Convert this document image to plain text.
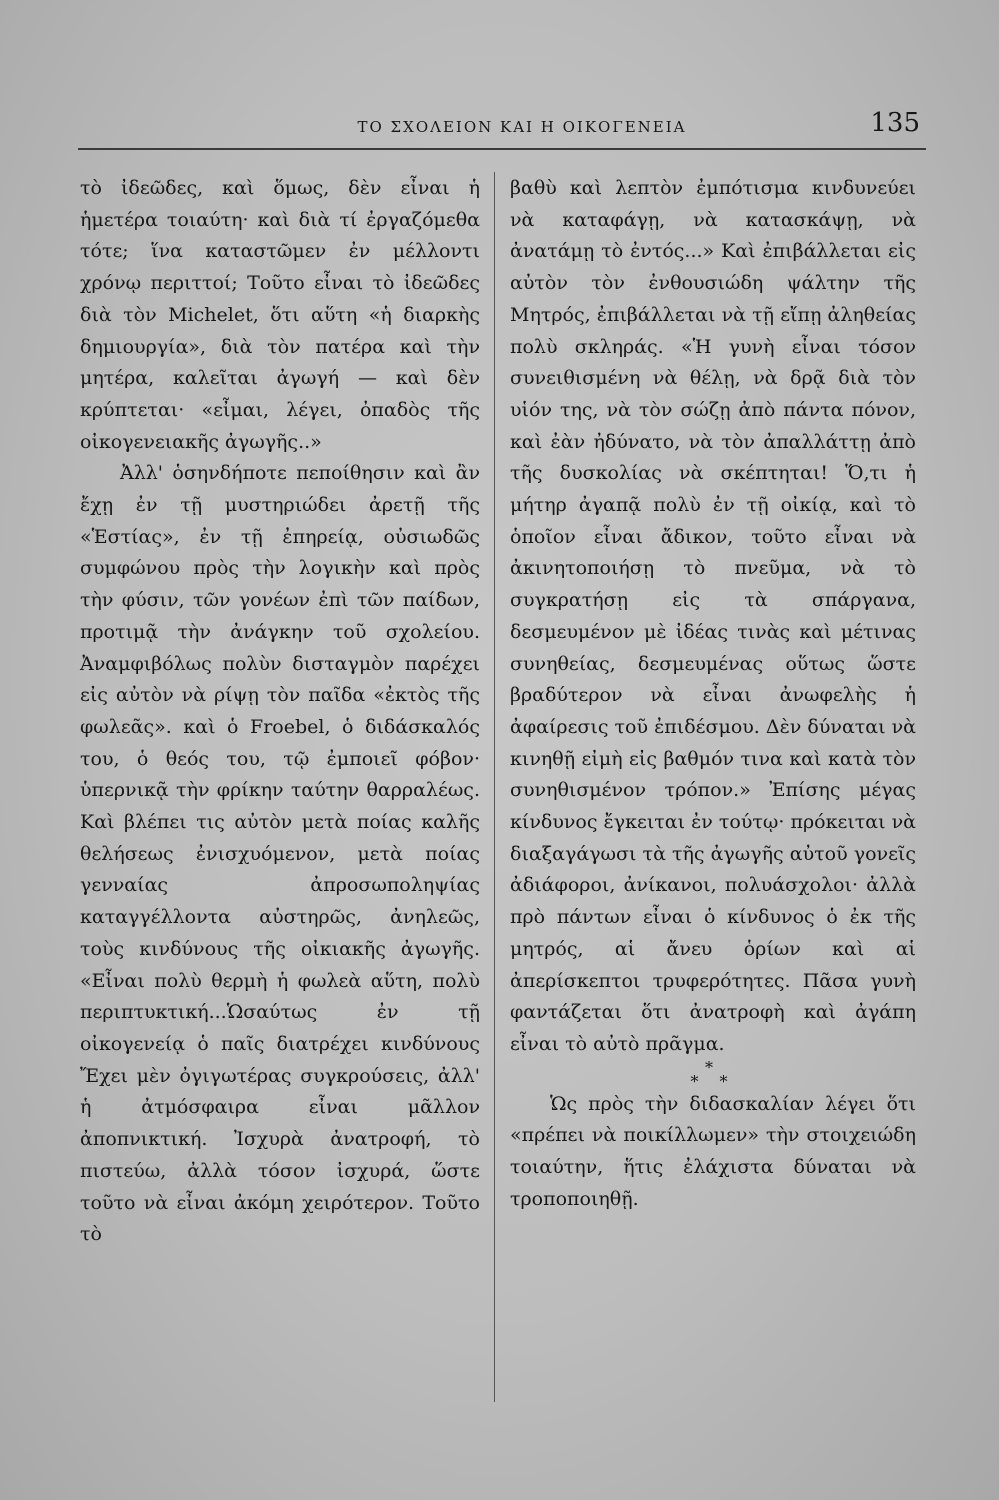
ΤΟ ΣΧΟΛΕΙΟΝ ΚΑΙ Η ΟΙΚΟΓΕΝΕΙΑ	135

τὸ ἰδεῶδες, καὶ ὅμως, δὲν εἶναι ἡ ἡμετέρα τοιαύτη· καὶ διὰ τί ἐργαζόμεθα τότε; ἵνα καταστῶμεν ἐν μέλλοντι χρόνῳ περιττοί; Τοῦτο εἶναι τὸ ἰδεῶδες διὰ τὸν Michelet, ὅτι αὕτη «ἡ διαρκὴς δημιουργία», διὰ τὸν πατέρα καὶ τὴν μητέρα, καλεῖται ἀγωγή — καὶ δὲν κρύπτεται· «εἶμαι, λέγει, ὀπαδὸς τῆς οἰκογενειακῆς ἀγωγῆς..»

Ἀλλ' ὁσηνδήποτε πεποίθησιν καὶ ἂν ἔχῃ ἐν τῇ μυστηριώδει ἀρετῇ τῆς «Ἑστίας», ἐν τῇ ἐπηρείᾳ, οὐσιωδῶς συμφώνου πρὸς τὴν λογικὴν καὶ πρὸς τὴν φύσιν, τῶν γονέων ἐπὶ τῶν παίδων, προτιμᾷ τὴν ἀνάγκην τοῦ σχολείου. Ἀναμφιβόλως πολὺν δισταγμὸν παρέχει εἰς αὐτὸν νὰ ρίψῃ τὸν παῖδα «ἐκτὸς τῆς φωλεᾶς». καὶ ὁ Froebel, ὁ διδάσκαλός του, ὁ θεός του, τῷ ἐμποιεῖ φόβον· ὑπερνικᾷ τὴν φρίκην ταύτην θαρραλέως. Καὶ βλέπει τις αὐτὸν μετὰ ποίας καλῆς θελήσεως ἐνισχυόμενον, μετὰ ποίας γενναίας ἀπροσωποληψίας καταγγέλλοντα αὐστηρῶς, ἀνηλεῶς, τοὺς κινδύνους τῆς οἰκιακῆς ἀγωγῆς. «Εἶναι πολὺ θερμὴ ἡ φωλεὰ αὕτη, πολὺ περιπτυκτική...Ὡσαύτως ἐν τῇ οἰκογενείᾳ ὁ παῖς διατρέχει κινδύνους Ἔχει μὲν ὀγιγωτέρας συγκρούσεις, ἀλλ' ἡ ἀτμόσφαιρα εἶναι μᾶλλον ἀποπνικτική. Ἰσχυρὰ ἀνατροφή, τὸ πιστεύω, ἀλλὰ τόσον ἰσχυρά, ὥστε τοῦτο νὰ εἶναι ἀκόμη χειρότερον. Τοῦτο τὸ

βαθὺ καὶ λεπτὸν ἐμπότισμα κινδυνεύει νὰ καταφάγῃ, νὰ κατασκάψῃ, νὰ ἀνατάμῃ τὸ ἐντός...» Καὶ ἐπιβάλλεται εἰς αὐτὸν τὸν ἐνθουσιώδη ψάλτην τῆς Μητρός, ἐπιβάλλεται νὰ τῇ εἴπῃ ἀληθείας πολὺ σκληράς. «Ἡ γυνὴ εἶναι τόσον συνειθισμένη νὰ θέλῃ, νὰ δρᾷ διὰ τὸν υἱόν της, νὰ τὸν σώζῃ ἀπὸ πάντα πόνον, καὶ ἐὰν ἠδύνατο, νὰ τὸν ἀπαλλάττῃ ἀπὸ τῆς δυσκολίας νὰ σκέπτηται! Ὅ,τι ἡ μήτηρ ἀγαπᾷ πολὺ ἐν τῇ οἰκίᾳ, καὶ τὸ ὁποῖον εἶναι ἄδικον, τοῦτο εἶναι νὰ ἀκινητοποιήσῃ τὸ πνεῦμα, νὰ τὸ συγκρατήσῃ εἰς τὰ σπάργανα, δεσμευμένον μὲ ἰδέας τινὰς καὶ μέτινας συνηθείας, δεσμευμένας οὕτως ὥστε βραδύτερον νὰ εἶναι ἀνωφελὴς ἡ ἀφαίρεσις τοῦ ἐπιδέσμου. Δὲν δύναται νὰ κινηθῇ εἰμὴ εἰς βαθμόν τινα καὶ κατὰ τὸν συνηθισμένον τρόπον.» Ἐπίσης μέγας κίνδυνος ἔγκειται ἐν τούτῳ· πρόκειται νὰ διαξαγάγωσι τὰ τῆς ἀγωγῆς αὐτοῦ γονεῖς ἀδιάφοροι, ἀνίκανοι, πολυάσχολοι· ἀλλὰ πρὸ πάντων εἶναι ὁ κίνδυνος ὁ ἐκ τῆς μητρός, αἱ ἄνευ ὁρίων καὶ αἱ ἀπερίσκεπτοι τρυφερότητες. Πᾶσα γυνὴ φαντάζεται ὅτι ἀνατροφὴ καὶ ἀγάπη εἶναι τὸ αὐτὸ πρᾶγμα.

*
* *

Ὡς πρὸς τὴν διδασκαλίαν λέγει ὅτι «πρέπει νὰ ποικίλλωμεν» τὴν στοιχειώδη τοιαύτην, ἥτις ἐλάχιστα δύναται νὰ τροποποιηθῇ.
